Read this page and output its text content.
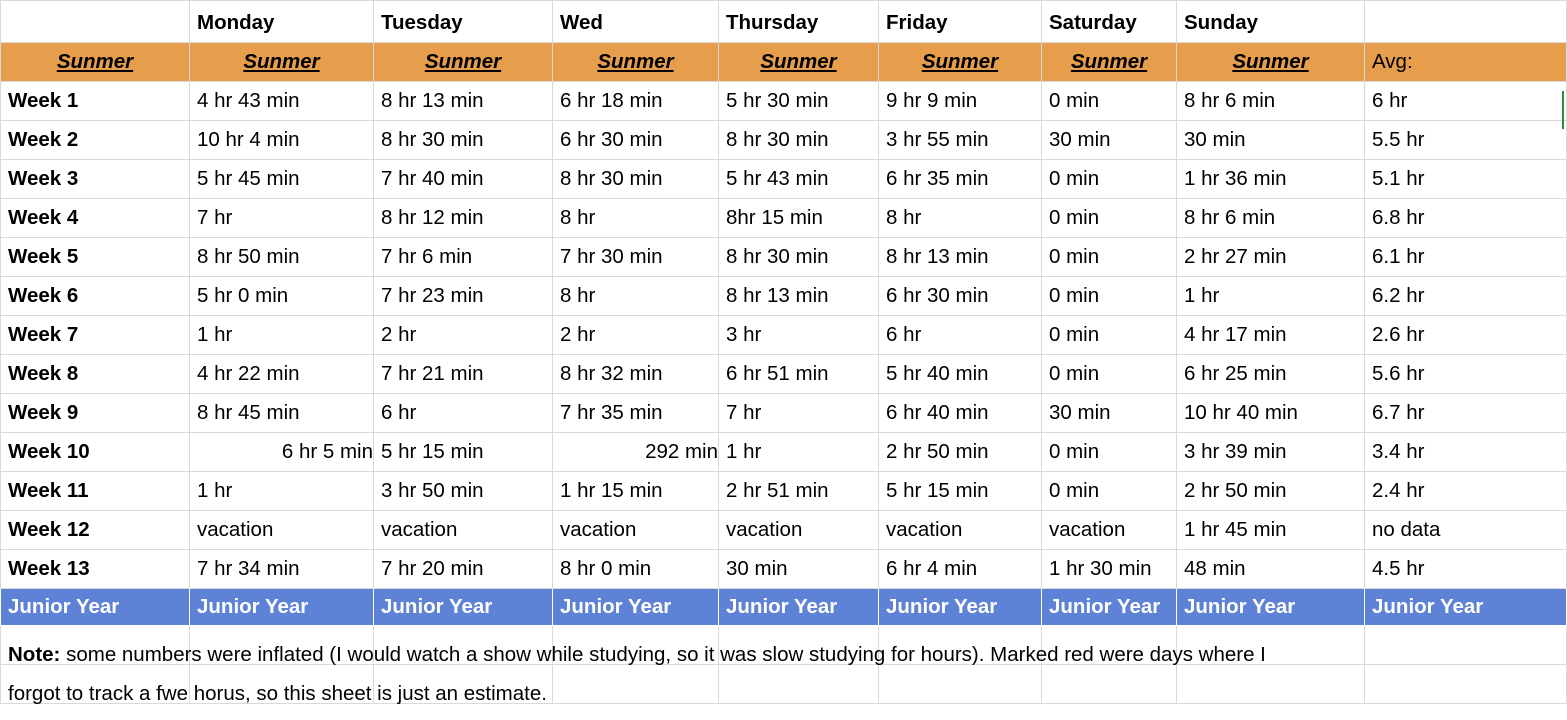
	Monday	Tuesday	Wed	Thursday	Friday	Saturday	Sunday	
Sunmer	Sunmer	Sunmer	Sunmer	Sunmer	Sunmer	Sunmer	Sunmer	Avg:
Week 1	4 hr 43 min	8 hr 13 min	6 hr 18 min	5 hr 30 min	9 hr 9 min	0 min	8 hr 6 min	6 hr

Week 2	10 hr 4 min	8 hr 30 min	6 hr 30 min	8 hr 30 min	3 hr 55 min	30 min	30 min	5.5 hr
Week 3	5 hr 45 min	7 hr 40 min	8 hr 30 min	5 hr 43 min	6 hr 35 min	0 min	1 hr 36 min	5.1 hr
Week 4	7 hr	8 hr 12 min	8 hr	8hr 15 min	8 hr	0 min	8 hr 6 min	6.8 hr
Week 5	8 hr 50 min	7 hr 6 min	7 hr 30 min	8 hr 30 min	8 hr 13 min	0 min	2 hr 27 min	6.1 hr
Week 6	5 hr 0 min	7 hr 23 min	8 hr	8 hr 13 min	6 hr 30 min	0 min	1 hr	6.2 hr
Week 7	1 hr	2 hr	2 hr	3 hr	6 hr	0 min	4 hr 17 min	2.6 hr
Week 8	4 hr 22 min	7 hr 21 min	8 hr 32 min	6 hr 51 min	5 hr 40 min	0 min	6 hr 25 min	5.6 hr
Week 9	8 hr 45 min	6 hr	7 hr 35 min	7 hr	6 hr 40 min	30 min	10 hr 40 min	6.7 hr
Week 10	6 hr 5 min	5 hr 15 min	292 min	1 hr	2 hr 50 min	0 min	3 hr 39 min	3.4 hr
Week 11	1 hr	3 hr 50 min	1 hr 15 min	2 hr 51 min	5 hr 15 min	0 min	2 hr 50 min	2.4 hr
Week 12	vacation	vacation	vacation	vacation	vacation	vacation	1 hr 45 min	no data
Week 13	7 hr 34 min	7 hr 20 min	8 hr 0 min	30 min	6 hr 4 min	1 hr 30 min	48 min	4.5 hr
Junior Year	Junior Year	Junior Year	Junior Year	Junior Year	Junior Year	Junior Year	Junior Year	Junior Year

Note: some numbers were inflated (I would watch a show while studying, so it was slow studying for hours). Marked red were days where I								

forgot to track a fwe horus, so this sheet is just an estimate.								
